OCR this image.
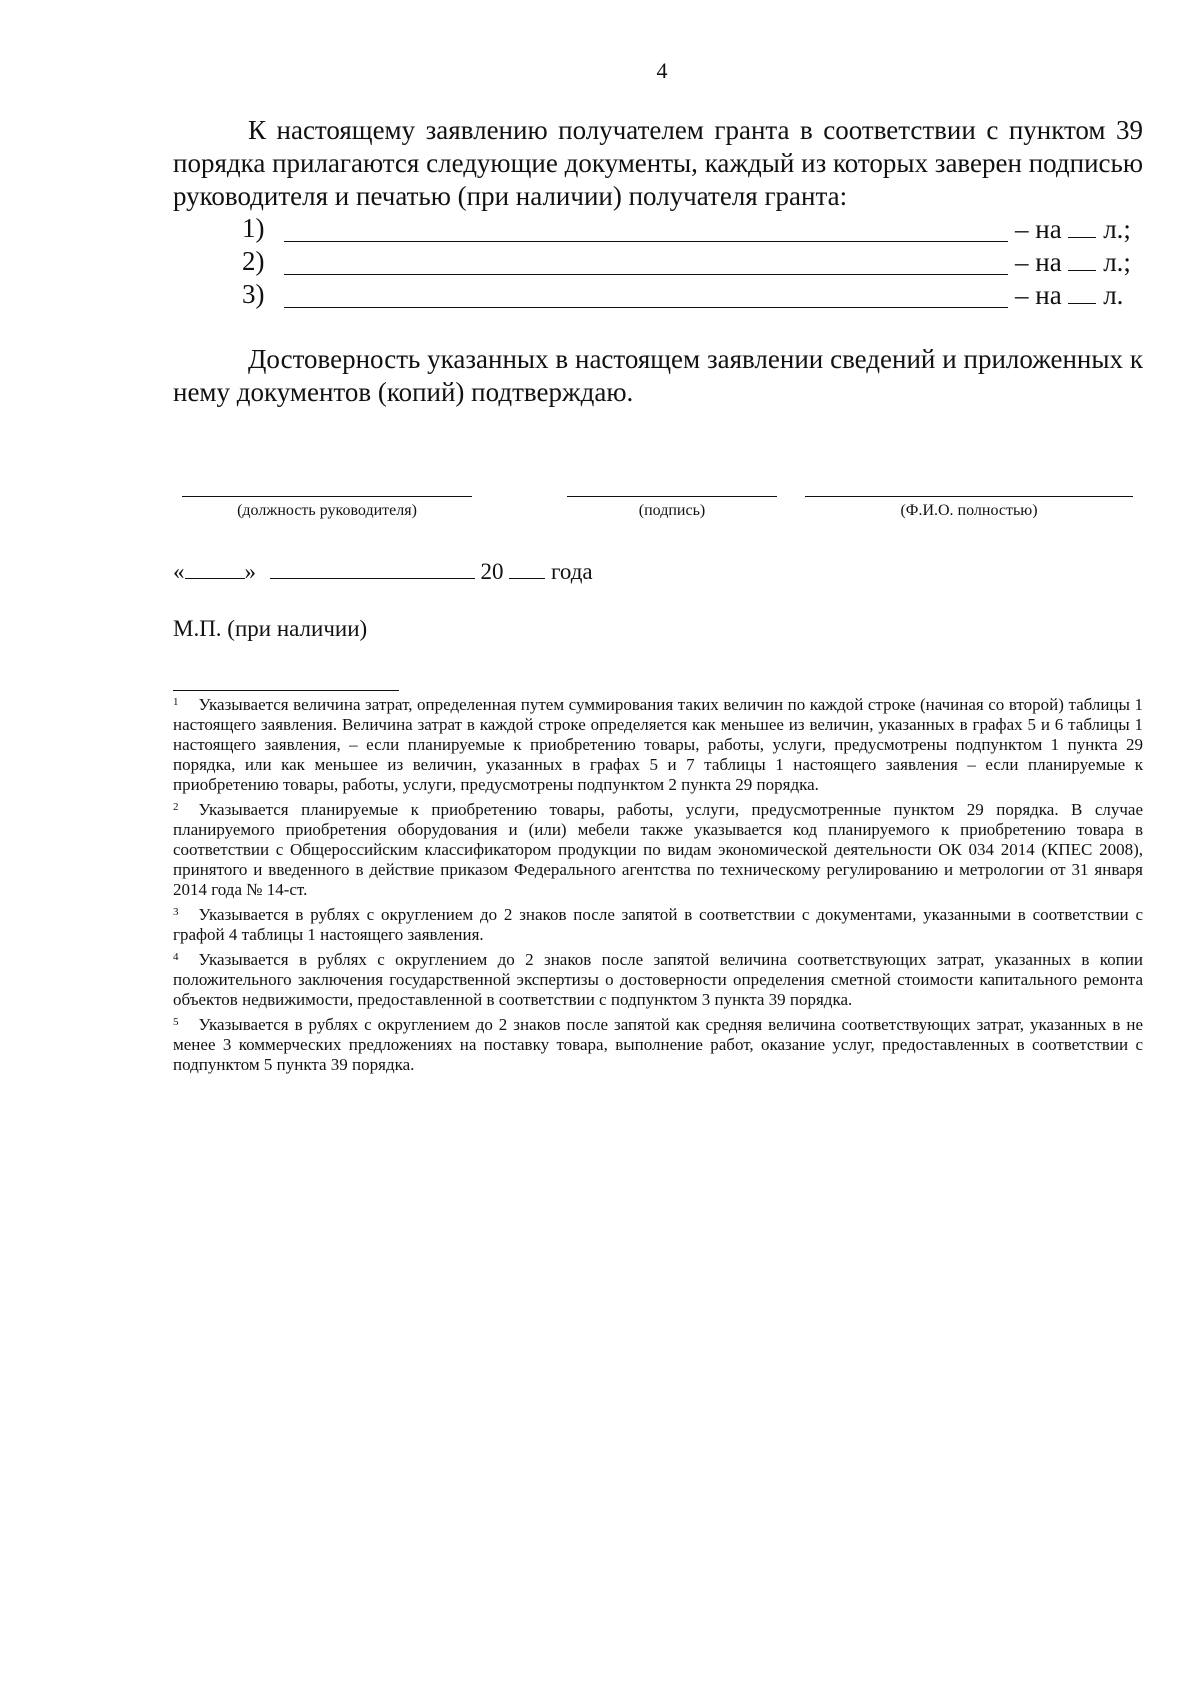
4
К настоящему заявлению получателем гранта в соответствии с пунктом 39 порядка прилагаются следующие документы, каждый из которых заверен подписью руководителя и печатью (при наличии) получателя гранта:
1)	– на  л.;
2)	– на  л.;
3)	– на  л.
Достоверность указанных в настоящем заявлении сведений и приложенных к нему документов (копий) подтверждаю.
(должность руководителя)	(подпись)	(Ф.И.О. полностью)
«	»	20 года
М.П. (при наличии)

$^1$ Указывается величина затрат, определенная путем суммирования таких величин по каждой строке (начиная со второй) таблицы 1 настоящего заявления. Величина затрат в каждой строке определяется как меньшее из величин, указанных в графах 5 и 6 таблицы 1 настоящего заявления, – если планируемые к приобретению товары, работы, услуги, предусмотрены подпунктом 1 пункта 29 порядка, или как меньшее из величин, указанных в графах 5 и 7 таблицы 1 настоящего заявления – если планируемые к приобретению товары, работы, услуги, предусмотрены подпунктом 2 пункта 29 порядка.

$^2$ Указывается планируемые к приобретению товары, работы, услуги, предусмотренные пунктом 29 порядка. В случае планируемого приобретения оборудования и (или) мебели также указывается код планируемого к приобретению товара в соответствии с Общероссийским классификатором продукции по видам экономической деятельности ОК 034 2014 (КПЕС 2008), принятого и введенного в действие приказом Федерального агентства по техническому регулированию и метрологии от 31 января 2014 года № 14-ст.

$^3$ Указывается в рублях с округлением до 2 знаков после запятой в соответствии с документами, указанными в соответствии с графой 4 таблицы 1 настоящего заявления.

$^4$ Указывается в рублях с округлением до 2 знаков после запятой величина соответствующих затрат, указанных в копии положительного заключения государственной экспертизы о достоверности определения сметной стоимости капитального ремонта объектов недвижимости, предоставленной в соответствии с подпунктом 3 пункта 39 порядка.

$^5$ Указывается в рублях с округлением до 2 знаков после запятой как средняя величина соответствующих затрат, указанных в не менее 3 коммерческих предложениях на поставку товара, выполнение работ, оказание услуг, предоставленных в соответствии с подпунктом 5 пункта 39 порядка.
